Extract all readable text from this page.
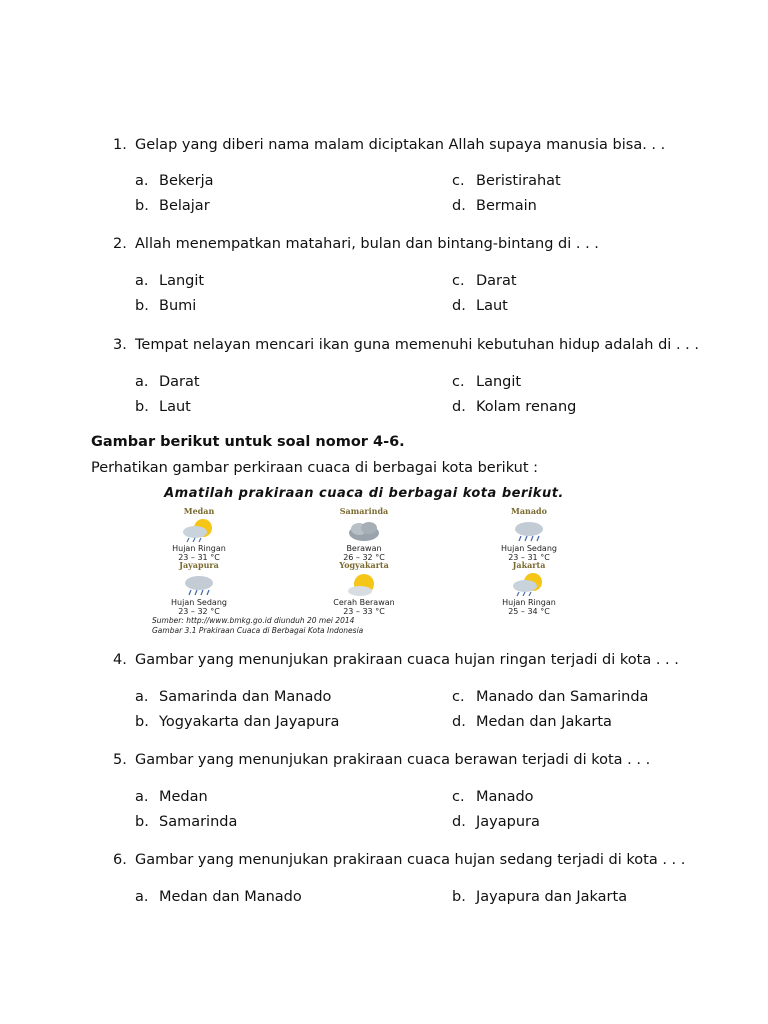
1. Gelap yang diberi nama malam diciptakan Allah supaya manusia bisa. . .
a. Bekerja	c. Beristirahat
b. Belajar	d. Bermain
2. Allah menempatkan matahari, bulan dan bintang-bintang di . . .
a. Langit	c. Darat
b. Bumi	d. Laut
3. Tempat nelayan mencari ikan guna memenuhi kebutuhan hidup adalah di . . .
a. Darat	c. Langit
b. Laut	d. Kolam renang
Gambar berikut untuk soal nomor 4-6.
Perhatikan gambar perkiraan cuaca di berbagai kota berikut :
Amatilah prakiraan cuaca di berbagai kota berikut.
Medan
Hujan Ringan
23 – 31 °C
Samarinda
Berawan
26 – 32 °C
Manado
Hujan Sedang
23 – 31 °C
Jayapura
Hujan Sedang
23 – 32 °C
Yogyakarta
Cerah Berawan
23 – 33 °C
Jakarta
Hujan Ringan
25 – 34 °C
Sumber: http://www.bmkg.go.id diunduh 20 mei 2014
Gambar 3.1 Prakiraan Cuaca di Berbagai Kota Indonesia
4. Gambar yang menunjukan prakiraan cuaca hujan ringan terjadi di kota . . .
a. Samarinda dan Manado	c. Manado dan Samarinda
b. Yogyakarta dan Jayapura	d. Medan dan Jakarta
5. Gambar yang menunjukan prakiraan cuaca berawan terjadi di kota . . .
a. Medan	c. Manado
b. Samarinda	d. Jayapura
6. Gambar yang menunjukan prakiraan cuaca hujan sedang terjadi di kota . . .
a. Medan dan Manado	b. Jayapura dan Jakarta
